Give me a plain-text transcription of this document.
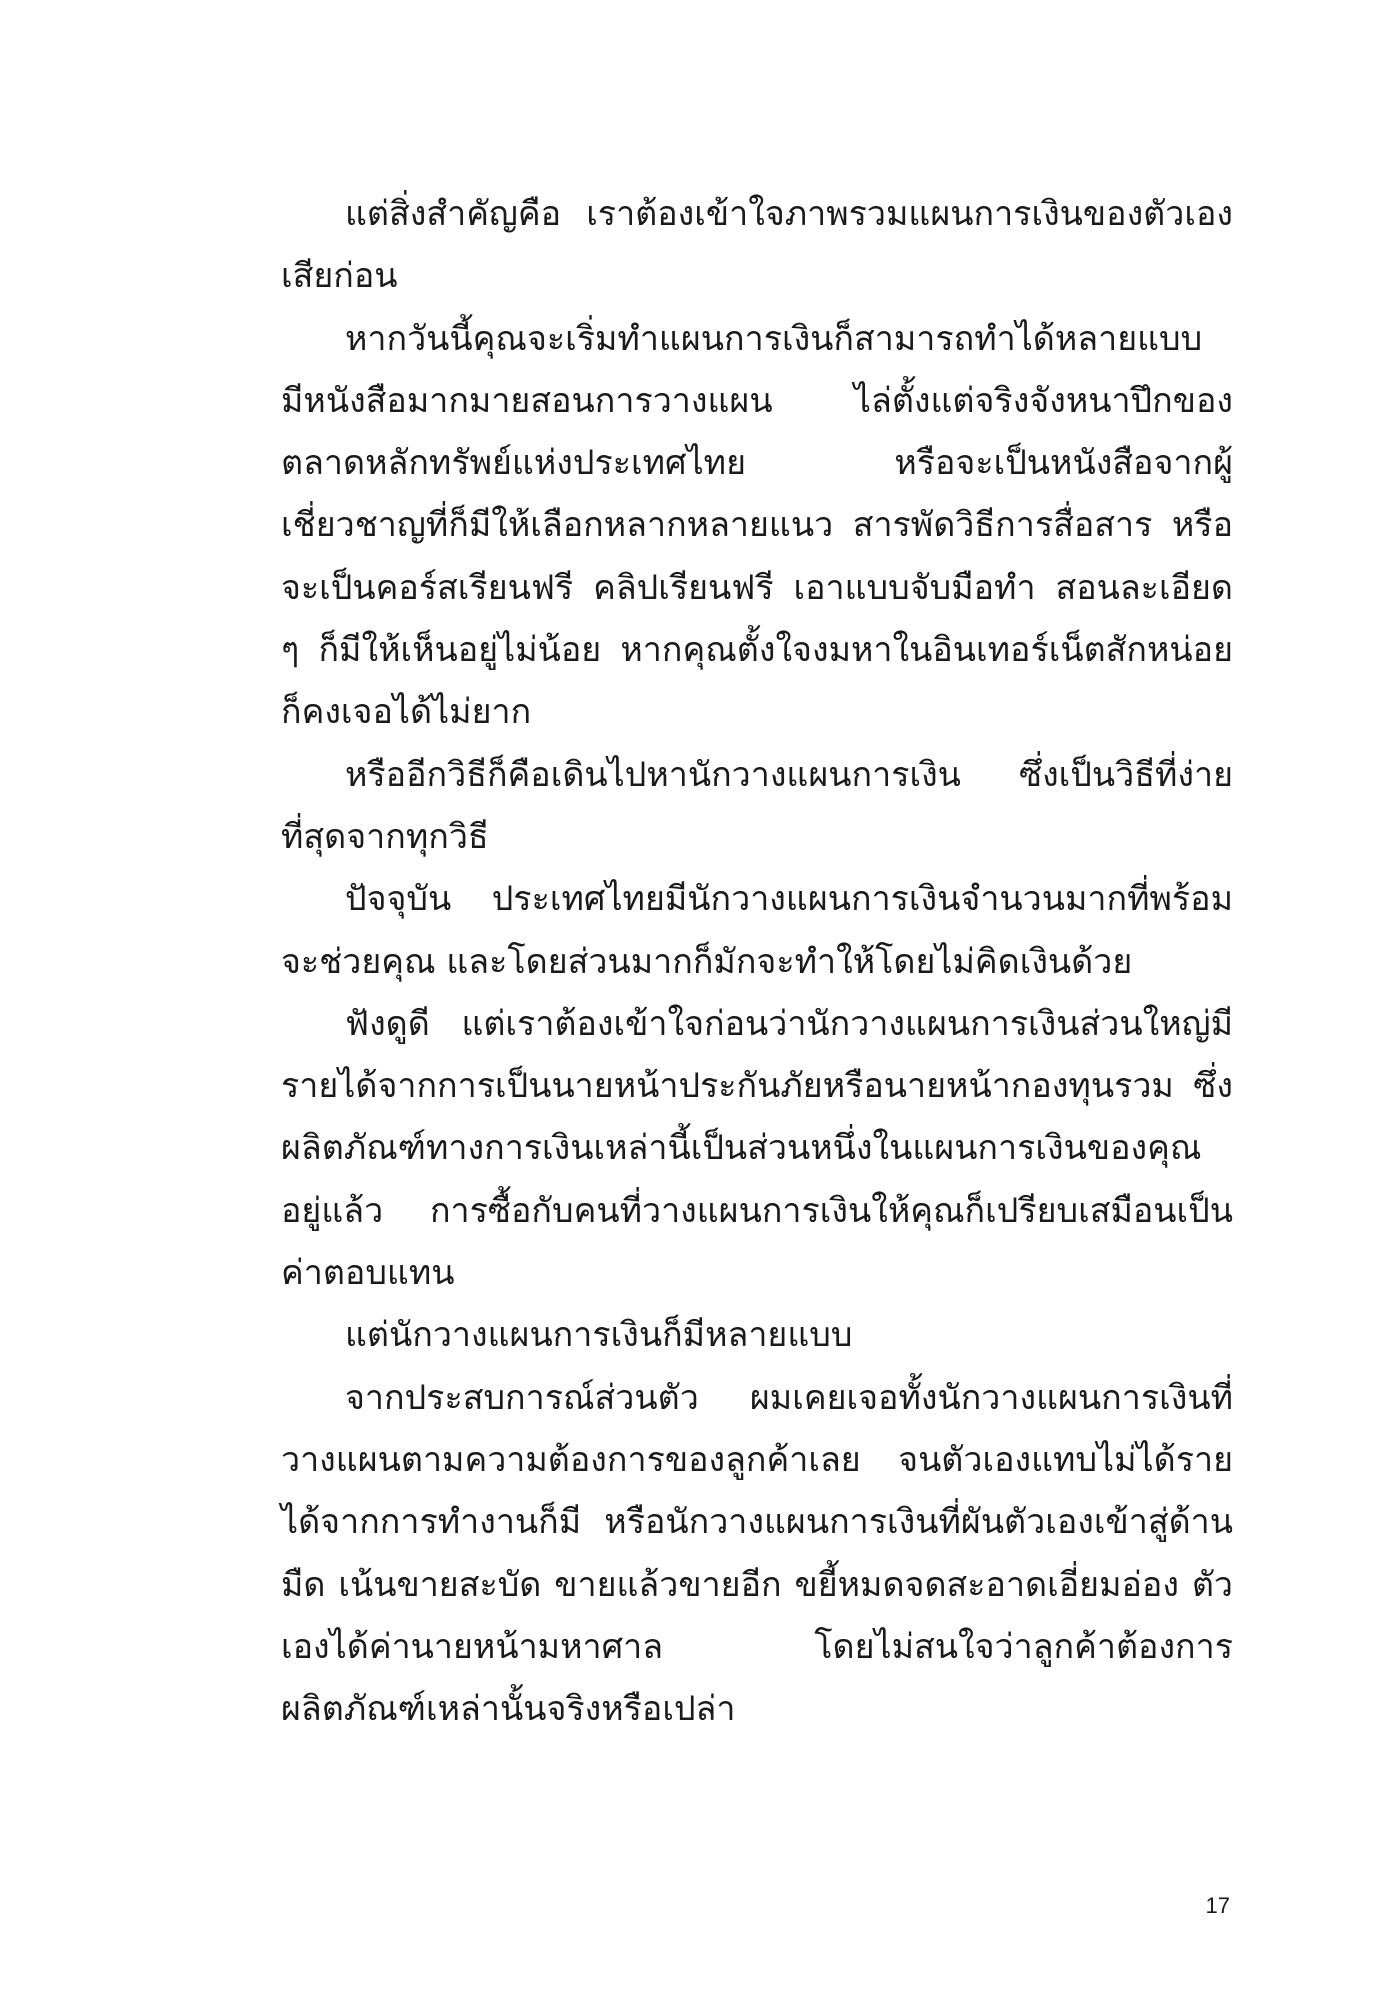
แต่สิ่งสำคัญคือ เราต้องเข้าใจภาพรวมแผนการเงินของตัวเองเสียก่อน

หากวันนี้คุณจะเริ่มทำแผนการเงินก็สามารถทำได้หลายแบบ มีหนังสือมากมายสอนการวางแผน ไล่ตั้งแต่จริงจังหนาปึกของตลาดหลักทรัพย์แห่งประเทศไทย หรือจะเป็นหนังสือจากผู้เชี่ยวชาญที่ก็มีให้เลือกหลากหลายแนว สารพัดวิธีการสื่อสาร หรือจะเป็นคอร์สเรียนฟรี คลิปเรียนฟรี เอาแบบจับมือทำ สอนละเอียด ๆ ก็มีให้เห็นอยู่ไม่น้อย หากคุณตั้งใจงมหาในอินเทอร์เน็ตสักหน่อยก็คงเจอได้ไม่ยาก

หรืออีกวิธีก็คือเดินไปหานักวางแผนการเงิน ซึ่งเป็นวิธีที่ง่ายที่สุดจากทุกวิธี

ปัจจุบัน ประเทศไทยมีนักวางแผนการเงินจำนวนมากที่พร้อมจะช่วยคุณ และโดยส่วนมากก็มักจะทำให้โดยไม่คิดเงินด้วย

ฟังดูดี แต่เราต้องเข้าใจก่อนว่านักวางแผนการเงินส่วนใหญ่มีรายได้จากการเป็นนายหน้าประกันภัยหรือนายหน้ากองทุนรวม ซึ่งผลิตภัณฑ์ทางการเงินเหล่านี้เป็นส่วนหนึ่งในแผนการเงินของคุณอยู่แล้ว การซื้อกับคนที่วางแผนการเงินให้คุณก็เปรียบเสมือนเป็นค่าตอบแทน

แต่นักวางแผนการเงินก็มีหลายแบบ

จากประสบการณ์ส่วนตัว ผมเคยเจอทั้งนักวางแผนการเงินที่วางแผนตามความต้องการของลูกค้าเลย จนตัวเองแทบไม่ได้รายได้จากการทำงานก็มี หรือนักวางแผนการเงินที่ผันตัวเองเข้าสู่ด้านมืด เน้นขายสะบัด ขายแล้วขายอีก ขยี้หมดจดสะอาดเอี่ยมอ่อง ตัวเองได้ค่านายหน้ามหาศาล โดยไม่สนใจว่าลูกค้าต้องการผลิตภัณฑ์เหล่านั้นจริงหรือเปล่า

17
